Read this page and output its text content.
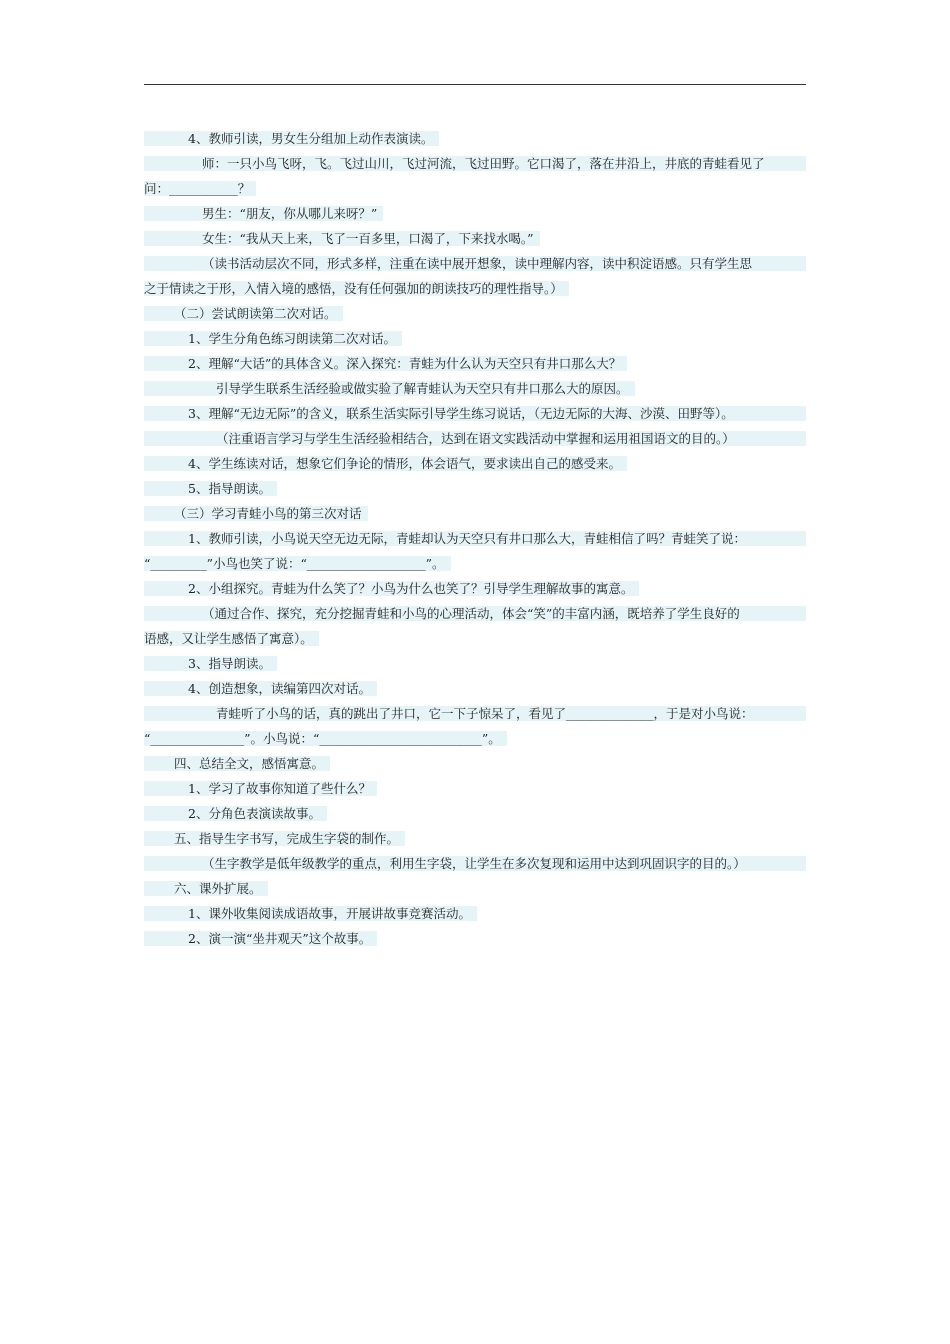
4、教师引读，男女生分组加上动作表演读。
师：一只小鸟飞呀，飞。飞过山川，飞过河流，飞过田野。它口渴了，落在井沿上，井底的青蛙看见了
问：___________？
男生：“朋友，你从哪儿来呀？”
女生：“我从天上来，飞了一百多里，口渴了，下来找水喝。”
（读书活动层次不同，形式多样，注重在读中展开想象，读中理解内容，读中积淀语感。只有学生思
之于情读之于形，入情入境的感悟，没有任何强加的朗读技巧的理性指导。）
（二）尝试朗读第二次对话。
1、学生分角色练习朗读第二次对话。
2、理解“大话”的具体含义。深入探究：青蛙为什么认为天空只有井口那么大？
引导学生联系生活经验或做实验了解青蛙认为天空只有井口那么大的原因。
3、理解“无边无际”的含义，联系生活实际引导学生练习说话，（无边无际的大海、沙漠、田野等）。
（注重语言学习与学生生活经验相结合，达到在语文实践活动中掌握和运用祖国语文的目的。）
4、学生练读对话，想象它们争论的情形，体会语气，要求读出自己的感受来。
5、指导朗读。
（三）学习青蛙小鸟的第三次对话
1、教师引读，小鸟说天空无边无际，青蛙却认为天空只有井口那么大，青蛙相信了吗？青蛙笑了说：
“_________”小鸟也笑了说：“___________________”。
2、小组探究。青蛙为什么笑了？小鸟为什么也笑了？引导学生理解故事的寓意。
（通过合作、探究，充分挖掘青蛙和小鸟的心理活动，体会“笑”的丰富内涵，既培养了学生良好的
语感，又让学生感悟了寓意）。
3、指导朗读。
4、创造想象，读编第四次对话。
青蛙听了小鸟的话，真的跳出了井口，它一下子惊呆了，看见了______________，于是对小鸟说：
“_______________”。小鸟说：“__________________________”。
四、总结全文，感悟寓意。
1、学习了故事你知道了些什么？
2、分角色表演读故事。
五、指导生字书写，完成生字袋的制作。
（生字教学是低年级教学的重点，利用生字袋，让学生在多次复现和运用中达到巩固识字的目的。）
六、课外扩展。
1、课外收集阅读成语故事，开展讲故事竞赛活动。
2、演一演“坐井观天”这个故事。
